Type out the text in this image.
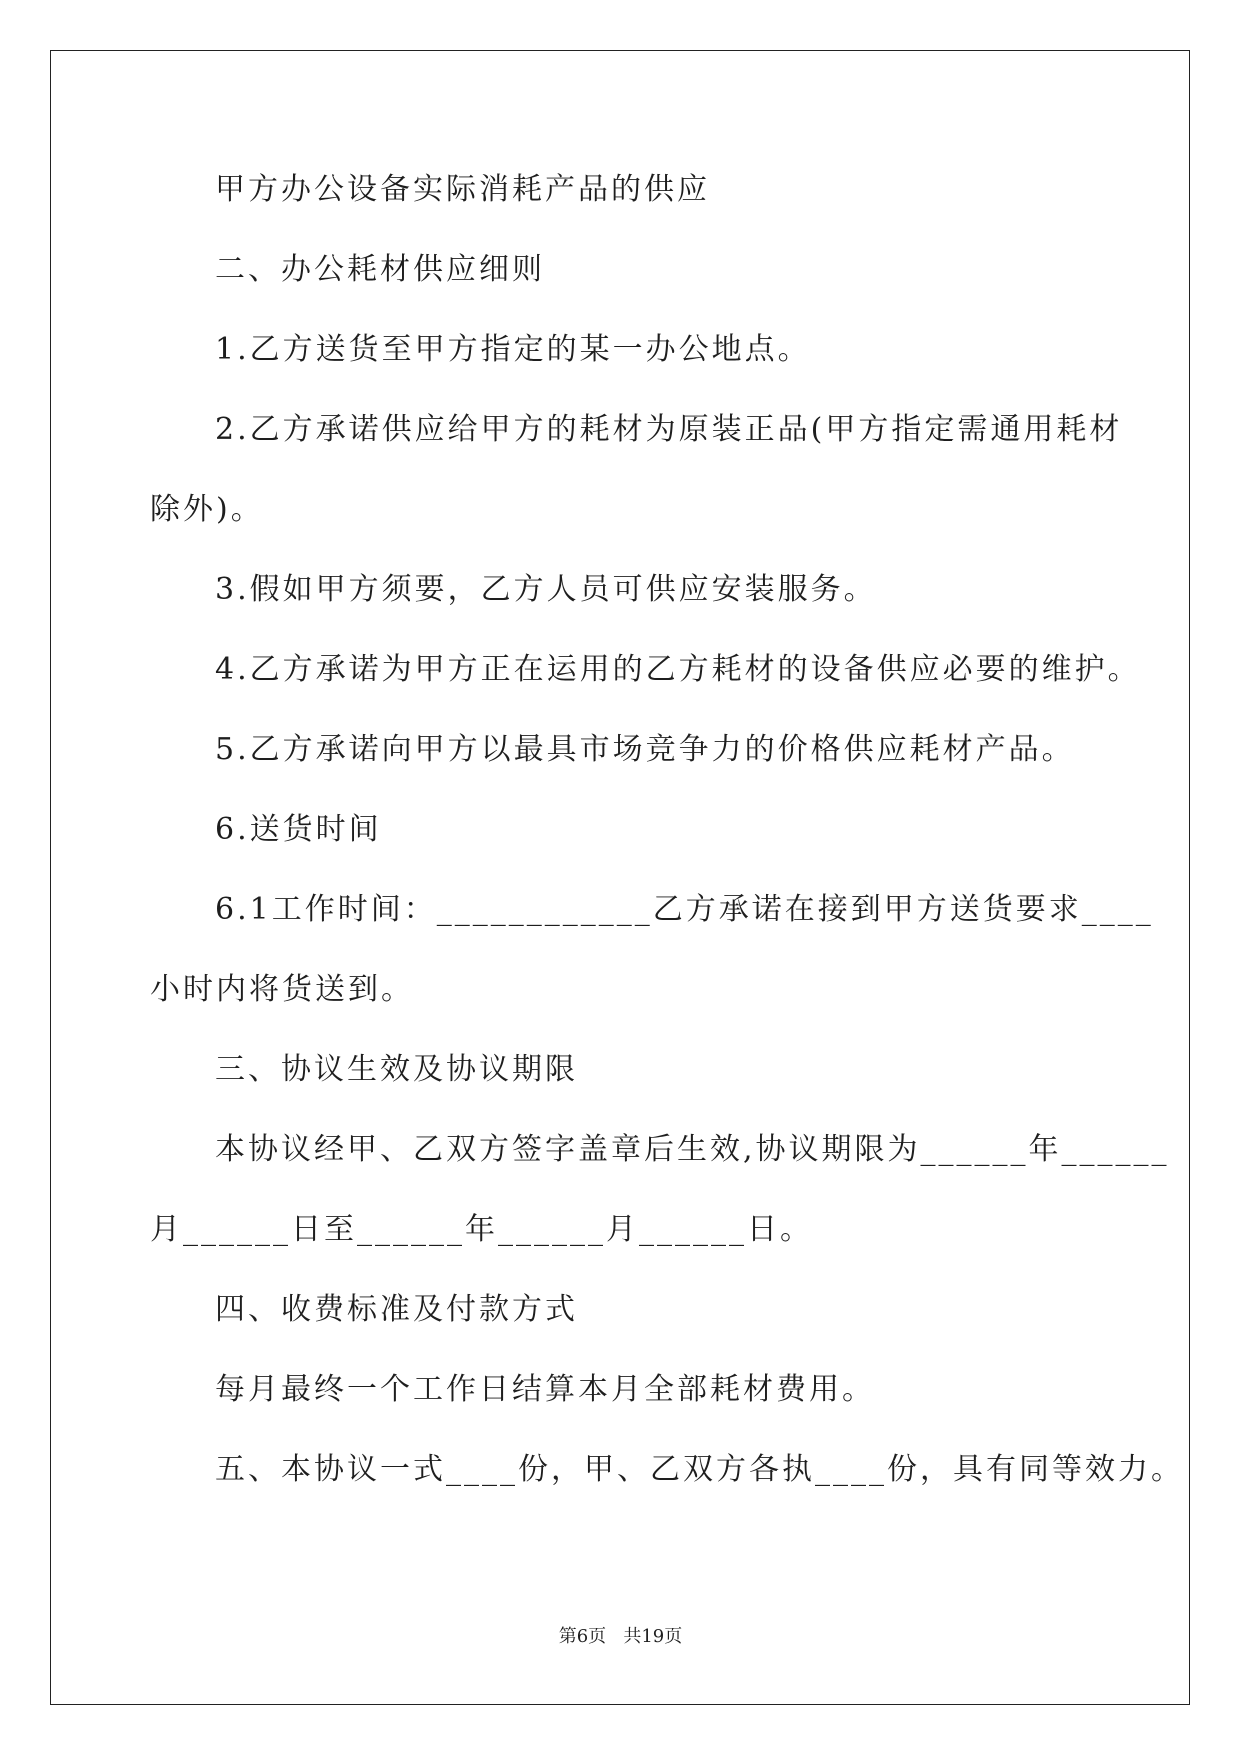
甲方办公设备实际消耗产品的供应
二、办公耗材供应细则
1.乙方送货至甲方指定的某一办公地点。
2.乙方承诺供应给甲方的耗材为原装正品(甲方指定需通用耗材
除外)。
3.假如甲方须要，乙方人员可供应安装服务。
4.乙方承诺为甲方正在运用的乙方耗材的设备供应必要的维护。
5.乙方承诺向甲方以最具市场竞争力的价格供应耗材产品。
6.送货时间
6.1工作时间：____________乙方承诺在接到甲方送货要求____
小时内将货送到。
三、协议生效及协议期限
本协议经甲、乙双方签字盖章后生效,协议期限为______年______
月______日至______年______月______日。
四、收费标准及付款方式
每月最终一个工作日结算本月全部耗材费用。
五、本协议一式____份，甲、乙双方各执____份，具有同等效力。
第6页   共19页
